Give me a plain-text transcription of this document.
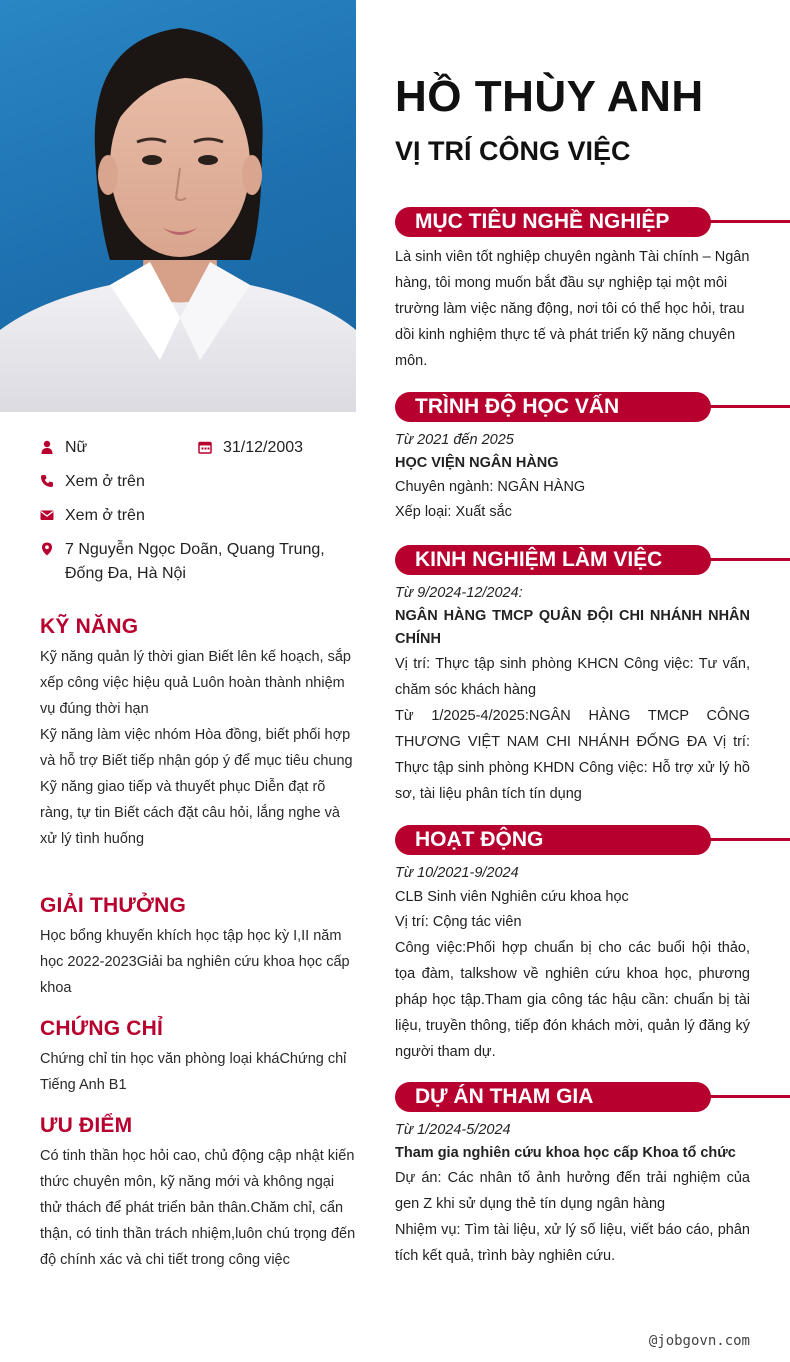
Nữ	31/12/2003
Xem ở trên
Xem ở trên
7 Nguyễn Ngọc Doãn, Quang Trung, Đống Đa, Hà Nội
KỸ NĂNG
Kỹ năng quản lý thời gian Biết lên kế hoạch, sắp xếp công việc hiệu quả Luôn hoàn thành nhiệm vụ đúng thời hạn
Kỹ năng làm việc nhóm Hòa đồng, biết phối hợp và hỗ trợ Biết tiếp nhận góp ý để mục tiêu chung
Kỹ năng giao tiếp và thuyết phục Diễn đạt rõ ràng, tự tin Biết cách đặt câu hỏi, lắng nghe và xử lý tình huống
GIẢI THƯỞNG
Học bổng khuyến khích học tập học kỳ I,II năm học 2022-2023Giải ba nghiên cứu khoa học cấp khoa
CHỨNG CHỈ
Chứng chỉ tin học văn phòng loại kháChứng chỉ Tiếng Anh B1
ƯU ĐIỂM
Có tinh thần học hỏi cao, chủ động cập nhật kiến thức chuyên môn, kỹ năng mới và không ngại thử thách để phát triển bản thân.Chăm chỉ, cẩn thận, có tinh thần trách nhiệm,luôn chú trọng đến độ chính xác và chi tiết trong công việc
HỒ THÙY ANH
VỊ TRÍ CÔNG VIỆC
MỤC TIÊU NGHỀ NGHIỆP
Là sinh viên tốt nghiệp chuyên ngành Tài chính – Ngân hàng, tôi mong muốn bắt đầu sự nghiệp tại một môi trường làm việc năng động, nơi tôi có thể học hỏi, trau dồi kinh nghiệm thực tế và phát triển kỹ năng chuyên môn.
TRÌNH ĐỘ HỌC VẤN
Từ 2021 đến 2025
HỌC VIỆN NGÂN HÀNG
Chuyên ngành: NGÂN HÀNG
Xếp loại: Xuất sắc
KINH NGHIỆM LÀM VIỆC
Từ 9/2024-12/2024:
NGÂN HÀNG TMCP QUÂN ĐỘI CHI NHÁNH NHÂN CHÍNH
Vị trí: Thực tập sinh phòng KHCN Công việc: Tư vấn, chăm sóc khách hàng
Từ 1/2025-4/2025:NGÂN HÀNG TMCP CÔNG THƯƠNG VIỆT NAM CHI NHÁNH ĐỐNG ĐA Vị trí: Thực tập sinh phòng KHDN Công việc: Hỗ trợ xử lý hồ sơ, tài liệu phân tích tín dụng
HOẠT ĐỘNG
Từ 10/2021-9/2024
CLB Sinh viên Nghiên cứu khoa học
Vị trí: Cộng tác viên
Công việc:Phối hợp chuẩn bị cho các buổi hội thảo, tọa đàm, talkshow về nghiên cứu khoa học, phương pháp học tập.Tham gia công tác hậu cần: chuẩn bị tài liệu, truyền thông, tiếp đón khách mời, quản lý đăng ký người tham dự.
DỰ ÁN THAM GIA
Từ 1/2024-5/2024
Tham gia nghiên cứu khoa học cấp Khoa tổ chức
Dự án: Các nhân tố ảnh hưởng đến trải nghiệm của gen Z khi sử dụng thẻ tín dụng ngân hàng
Nhiệm vụ: Tìm tài liệu, xử lý số liệu, viết báo cáo, phân tích kết quả, trình bày nghiên cứu.
@jobgovn.com
